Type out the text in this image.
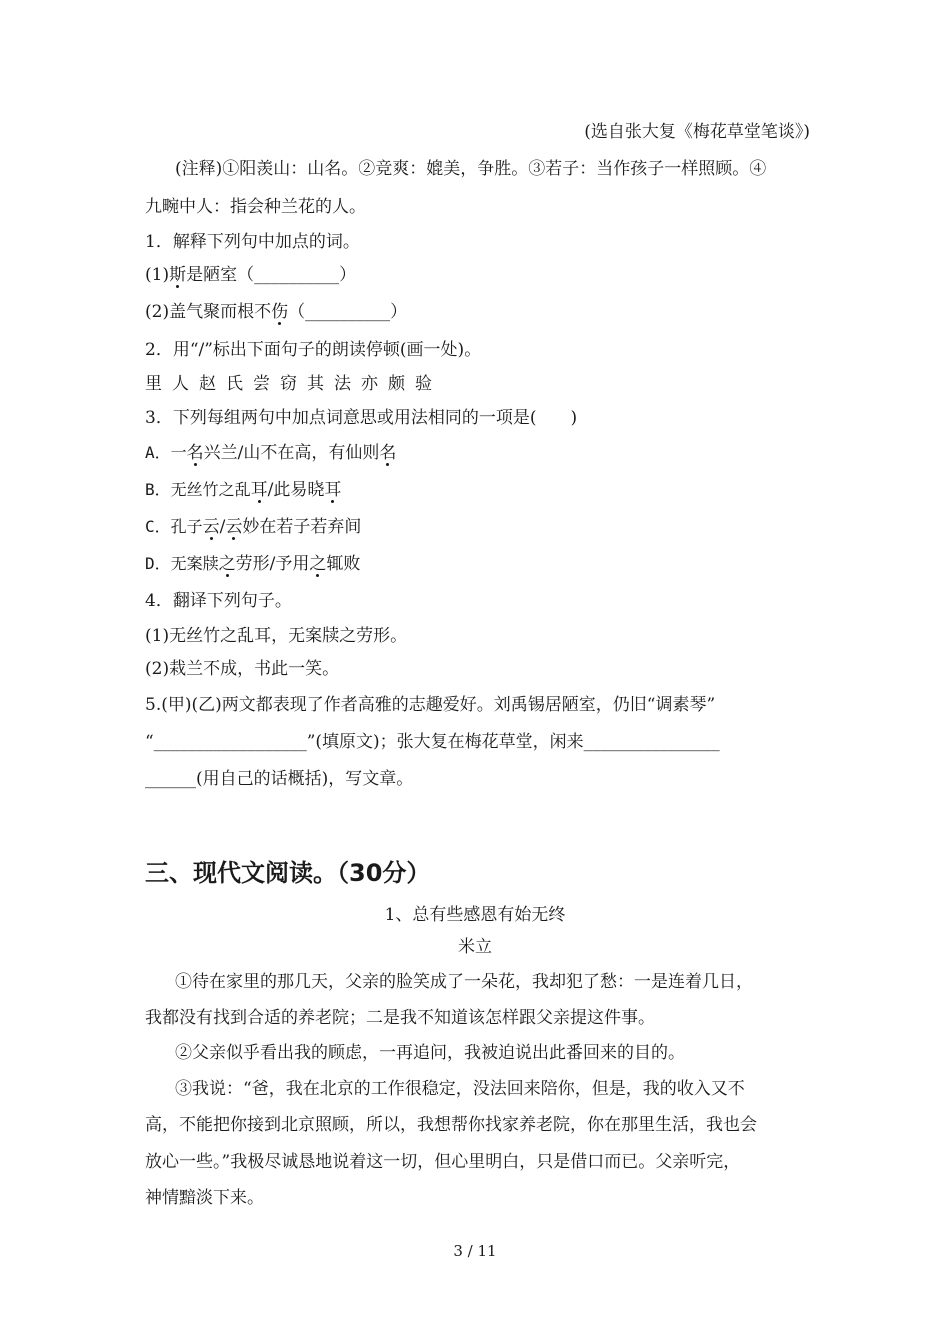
(选自张大复《梅花草堂笔谈》)
(注释)①阳羡山：山名。②竞爽：媲美，争胜。③若子：当作孩子一样照顾。④
九畹中人：指会种兰花的人。
1．解释下列句中加点的词。
(1)斯是陋室（__________）
(2)盖气聚而根不伤（__________）
2．用“/”标出下面句子的朗读停顿(画一处)。
里人赵氏尝窃其法亦颇验
3．下列每组两句中加点词意思或用法相同的一项是(　　)
A．一名兴兰/山不在高，有仙则名
B．无丝竹之乱耳/此易晓耳
C．孔子云/云妙在若子若弃间
D．无案牍之劳形/予用之辄败
4．翻译下列句子。
(1)无丝竹之乱耳，无案牍之劳形。
(2)栽兰不成，书此一笑。
5.(甲)(乙)两文都表现了作者高雅的志趣爱好。刘禹锡居陋室，仍旧“调素琴”
“__________________”(填原文)；张大复在梅花草堂，闲来________________
______(用自己的话概括)，写文章。
三、现代文阅读。（30分）
1、总有些感恩有始无终
米立
①待在家里的那几天，父亲的脸笑成了一朵花，我却犯了愁：一是连着几日，
我都没有找到合适的养老院；二是我不知道该怎样跟父亲提这件事。
②父亲似乎看出我的顾虑，一再追问，我被迫说出此番回来的目的。
③我说：“爸，我在北京的工作很稳定，没法回来陪你，但是，我的收入又不
高，不能把你接到北京照顾，所以，我想帮你找家养老院，你在那里生活，我也会
放心一些。”我极尽诚恳地说着这一切，但心里明白，只是借口而已。父亲听完，
神情黯淡下来。
3 / 11
